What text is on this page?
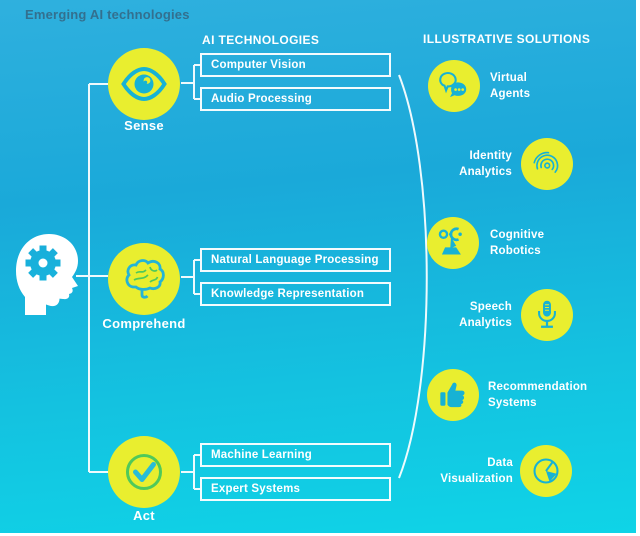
Emerging AI technologies
AI TECHNOLOGIES	ILLUSTRATIVE SOLUTIONS
Sense
Comprehend
Act
Computer Vision
Audio Processing
Natural Language Processing
Knowledge Representation
Machine Learning
Expert Systems
Virtual
Agents
Identity
Analytics
Cognitive
Robotics
Speech
Analytics
Recommendation
Systems
Data
Visualization
